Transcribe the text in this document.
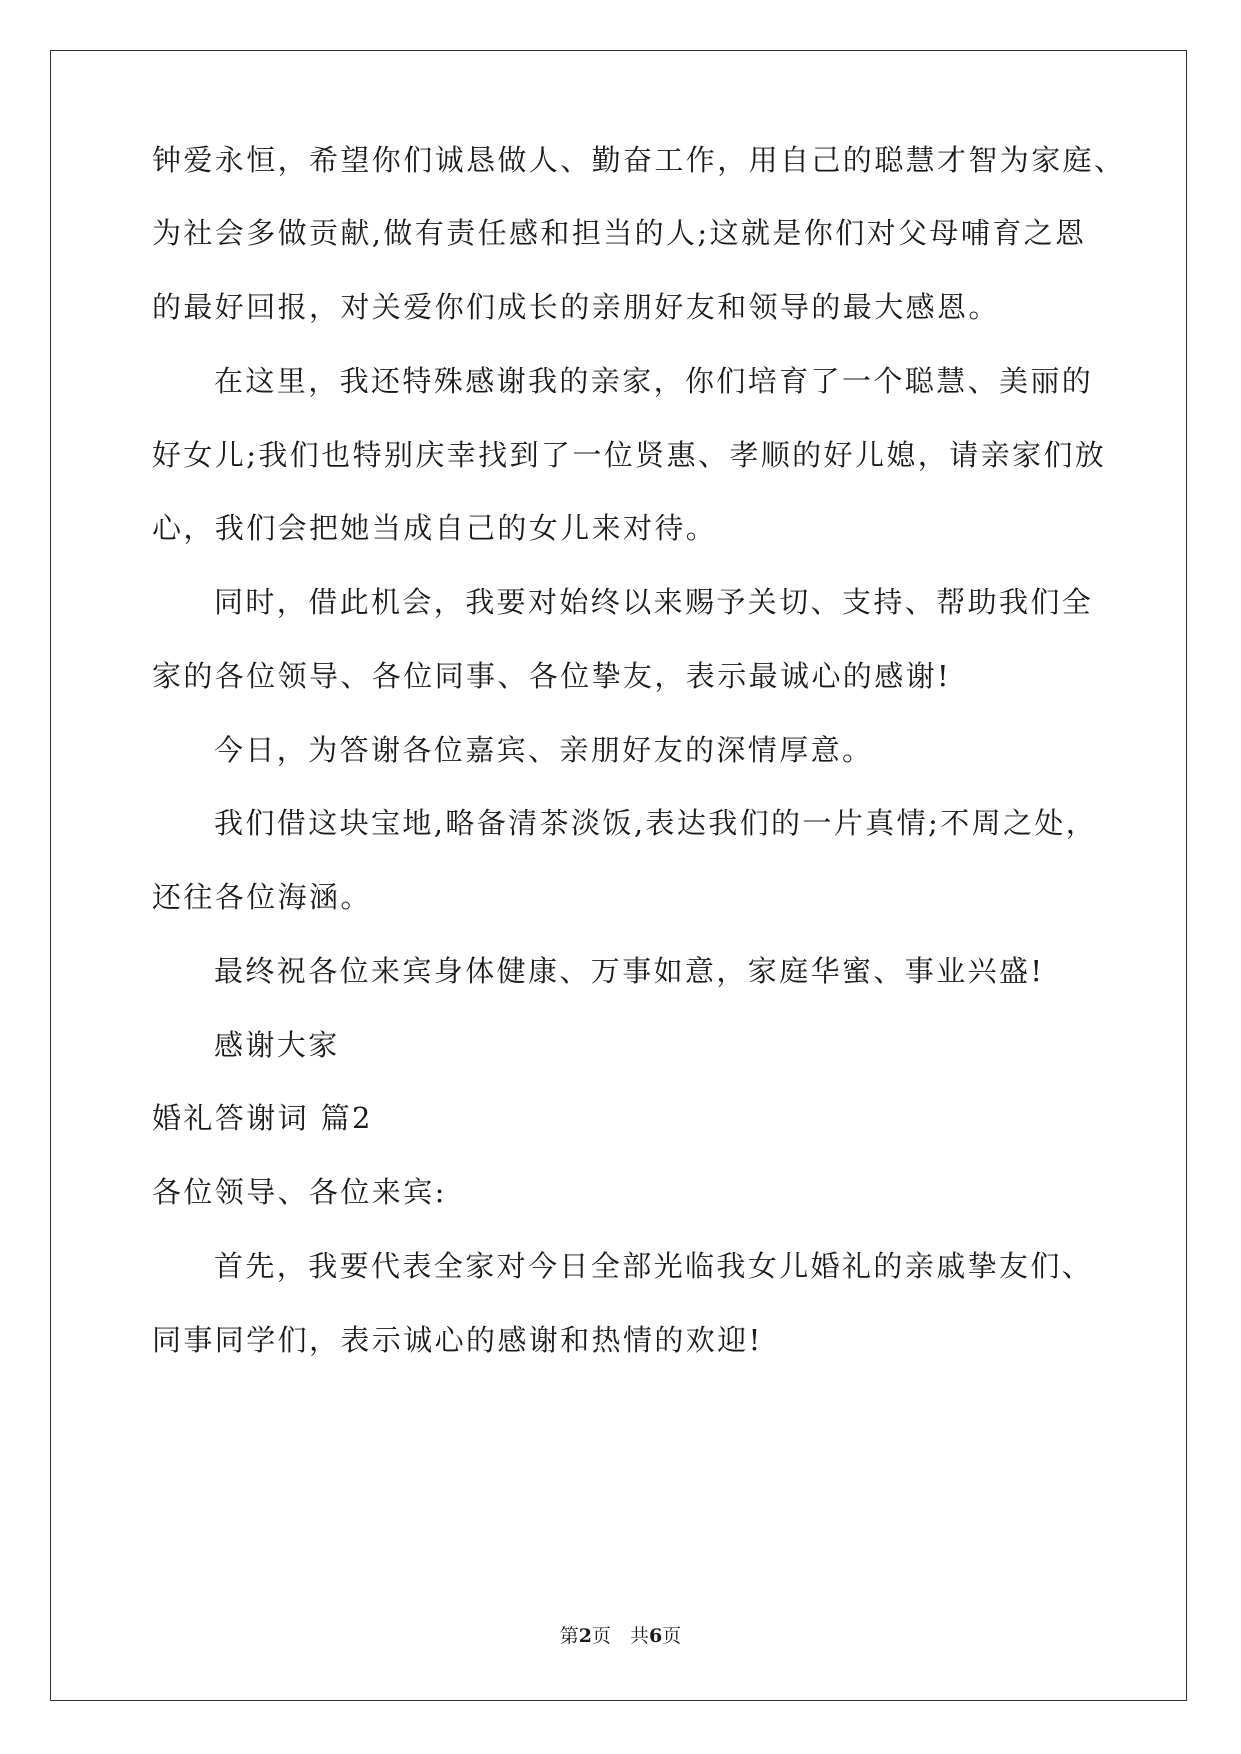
钟爱永恒，希望你们诚恳做人、勤奋工作，用自己的聪慧才智为家庭、
为社会多做贡献,做有责任感和担当的人;这就是你们对父母哺育之恩
的最好回报，对关爱你们成长的亲朋好友和领导的最大感恩。
在这里，我还特殊感谢我的亲家，你们培育了一个聪慧、美丽的
好女儿;我们也特别庆幸找到了一位贤惠、孝顺的好儿媳，请亲家们放
心，我们会把她当成自己的女儿来对待。
同时，借此机会，我要对始终以来赐予关切、支持、帮助我们全
家的各位领导、各位同事、各位挚友，表示最诚心的感谢!
今日，为答谢各位嘉宾、亲朋好友的深情厚意。
我们借这块宝地,略备清茶淡饭,表达我们的一片真情;不周之处，
还往各位海涵。
最终祝各位来宾身体健康、万事如意，家庭华蜜、事业兴盛!
感谢大家
婚礼答谢词 篇2
各位领导、各位来宾:
首先，我要代表全家对今日全部光临我女儿婚礼的亲戚挚友们、
同事同学们，表示诚心的感谢和热情的欢迎!
第2页　共6页
